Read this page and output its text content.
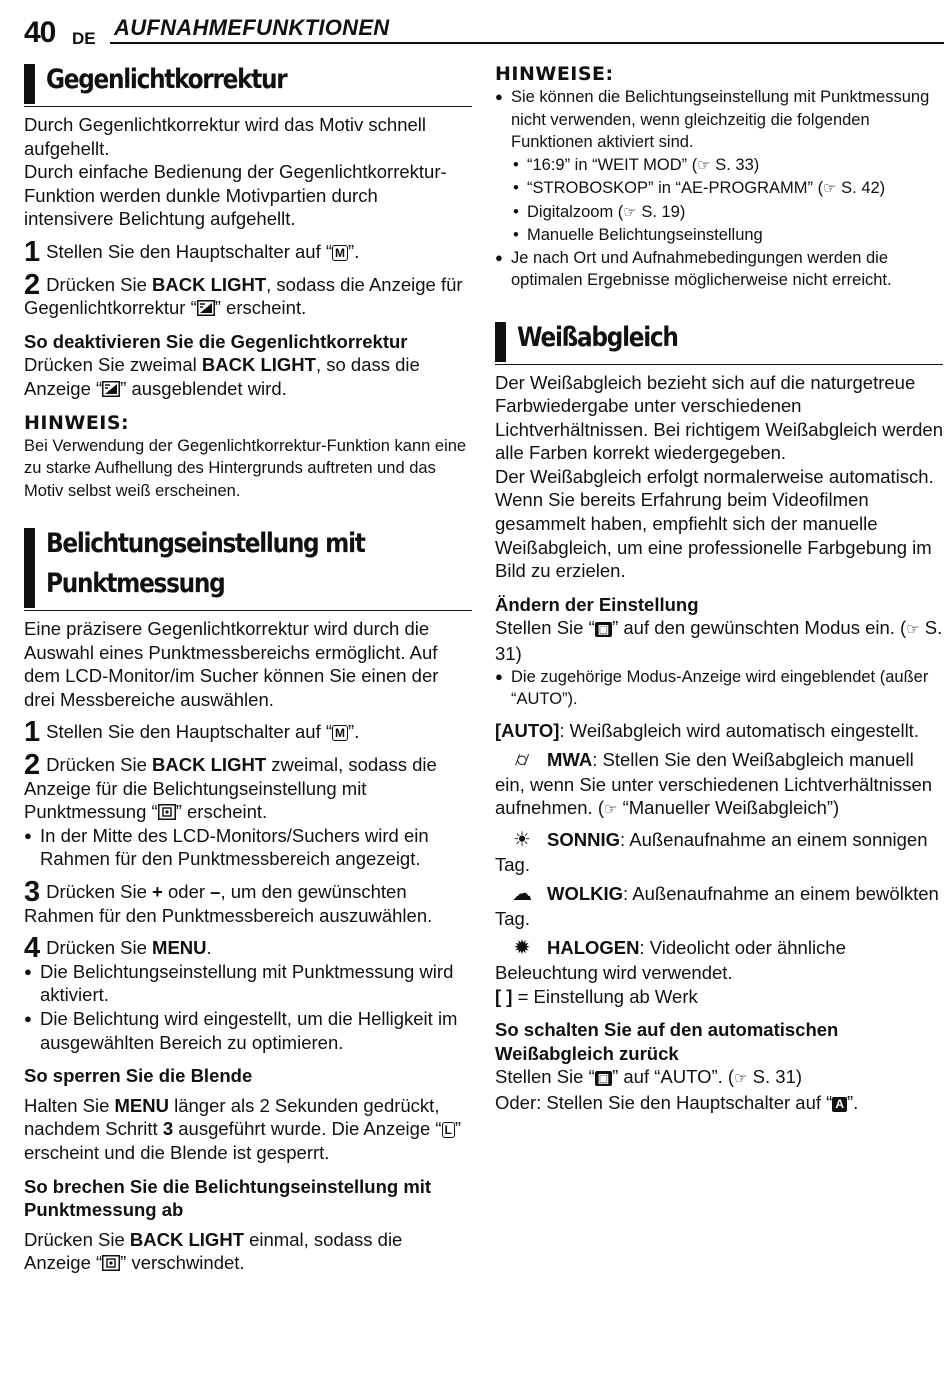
40 DE AUFNAHMEFUNKTIONEN
Gegenlichtkorrektur

Durch Gegenlichtkorrektur wird das Motiv schnell aufgehellt.

Durch einfache Bedienung der Gegenlichtkorrektur-Funktion werden dunkle Motivpartien durch intensivere Belichtung aufgehellt.

1 Stellen Sie den Hauptschalter auf “ M ”.
2 Drücken Sie BACK LIGHT, sodass die Anzeige für Gegenlichtkorrektur “ ” erscheint.
So deaktivieren Sie die Gegenlichtkorrektur

Drücken Sie zweimal BACK LIGHT, so dass die Anzeige “ ” ausgeblendet wird.

HINWEIS:

Bei Verwendung der Gegenlichtkorrektur-Funktion kann eine zu starke Aufhellung des Hintergrunds auftreten und das Motiv selbst weiß erscheinen.

Belichtungseinstellung mit
Punktmessung

Eine präzisere Gegenlichtkorrektur wird durch die Auswahl eines Punktmessbereichs ermöglicht. Auf dem LCD-Monitor/im Sucher können Sie einen der drei Messbereiche auswählen.

1 Stellen Sie den Hauptschalter auf “ M ”.
2 Drücken Sie BACK LIGHT zweimal, sodass die Anzeige für die Belichtungseinstellung mit Punktmessung “ ” erscheint.

● In der Mitte des LCD-Monitors/Suchers wird ein Rahmen für den Punktmessbereich angezeigt.

3 Drücken Sie + oder –, um den gewünschten Rahmen für den Punktmessbereich auszuwählen.
4 Drücken Sie MENU.

● Die Belichtungseinstellung mit Punktmessung wird aktiviert.

● Die Belichtung wird eingestellt, um die Helligkeit im ausgewählten Bereich zu optimieren.

So sperren Sie die Blende

Halten Sie MENU länger als 2 Sekunden gedrückt, nachdem Schritt 3 ausgeführt wurde. Die Anzeige “ L ” erscheint und die Blende ist gesperrt.

So brechen Sie die Belichtungseinstellung mit Punktmessung ab

Drücken Sie BACK LIGHT einmal, sodass die Anzeige “ ” verschwindet.

HINWEISE:

● Sie können die Belichtungseinstellung mit Punktmessung nicht verwenden, wenn gleichzeitig die folgenden Funktionen aktiviert sind.

• “16:9” in “WEIT MOD” (☞ S. 33)

• “STROBOSKOP” in “AE-PROGRAMM” (☞ S. 42)

• Digitalzoom (☞ S. 19)

• Manuelle Belichtungseinstellung

● Je nach Ort und Aufnahmebedingungen werden die optimalen Ergebnisse möglicherweise nicht erreicht.

Weißabgleich

Der Weißabgleich bezieht sich auf die naturgetreue Farbwiedergabe unter verschiedenen Lichtverhältnissen. Bei richtigem Weißabgleich werden alle Farben korrekt wiedergegeben.

Der Weißabgleich erfolgt normalerweise automatisch. Wenn Sie bereits Erfahrung beim Videofilmen gesammelt haben, empfiehlt sich der manuelle Weißabgleich, um eine professionelle Farbgebung im Bild zu erzielen.

Ändern der Einstellung

Stellen Sie “ ▣ ” auf den gewünschten Modus ein. (☞ S. 31)

● Die zugehörige Modus-Anzeige wird eingeblendet (außer “AUTO”).

[AUTO]: Weißabgleich wird automatisch eingestellt.

⌭ MWA: Stellen Sie den Weißabgleich manuell ein, wenn Sie unter verschiedenen Lichtverhältnissen aufnehmen. (☞ “Manueller Weißabgleich”)

☀ SONNIG: Außenaufnahme an einem sonnigen Tag.

☁ WOLKIG: Außenaufnahme an einem bewölkten Tag.

✹ HALOGEN: Videolicht oder ähnliche Beleuchtung wird verwendet.

[ ] = Einstellung ab Werk

So schalten Sie auf den automatischen Weißabgleich zurück

Stellen Sie “ ▣ ” auf “AUTO”. (☞ S. 31)

Oder: Stellen Sie den Hauptschalter auf “ A ”.
